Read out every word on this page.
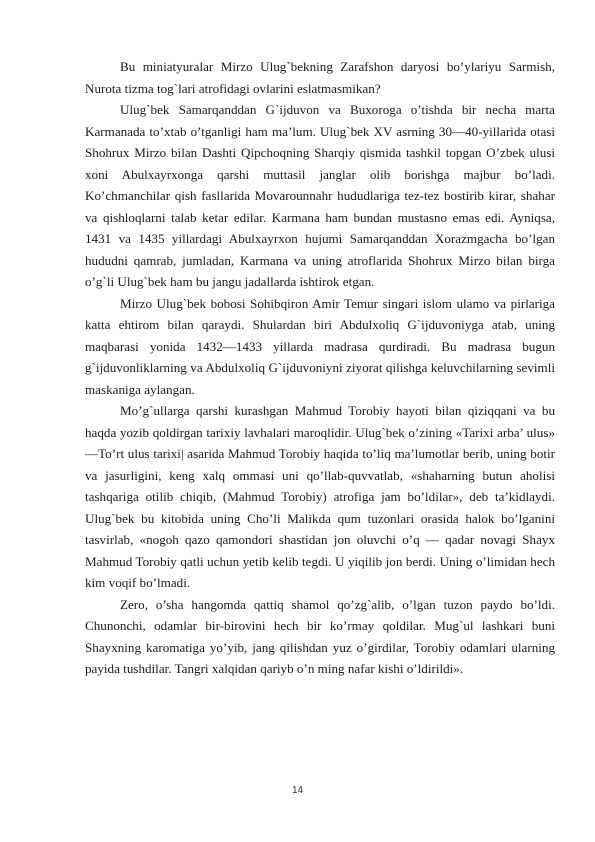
Bu miniatyuralar Mirzo Ulug`bekning Zarafshon daryosi bo’ylariyu Sarmish, Nurota tizma tog`lari atrofidagi ovlarini eslatmasmikan?

Ulug`bek Samarqanddan G`ijduvon va Buxoroga o’tishda bir necha marta Karmanada to’xtab o’tganligi ham ma’lum. Ulug`bek XV asrning 30—40-yillarida otasi Shohrux Mirzo bilan Dashti Qipchoqning Sharqiy qismida tashkil topgan O’zbek ulusi xoni Abulxayrxonga qarshi muttasil janglar olib borishga majbur bo’ladi. Ko’chmanchilar qish fasllarida Movarounnahr hududlariga tez-tez bostirib kirar, shahar va qishloqlarni talab ketar edilar. Karmana ham bundan mustasno emas edi. Ayniqsa, 1431 va 1435 yillardagi Abulxayrxon hujumi Samarqanddan Xorazmgacha bo’lgan hududni qamrab, jumladan, Karmana va uning atroflarida Shohrux Mirzo bilan birga o’g`li Ulug`bek ham bu jangu jadallarda ishtirok etgan.

Mirzo Ulug`bek bobosi Sohibqiron Amir Temur singari islom ulamo va pirlariga katta ehtirom bilan qaraydi. Shulardan biri Abdulxoliq G`ijduvoniyga atab, uning maqbarasi yonida 1432—1433 yillarda madrasa qurdiradi. Bu madrasa bugun g`ijduvonliklarning va Abdulxoliq G`ijduvoniyni ziyorat qilishga keluvchilarning sevimli maskaniga aylangan.

Mo’g`ullarga qarshi kurashgan Mahmud Torobiy hayoti bilan qiziqqani va bu haqda yozib qoldirgan tarixiy lavhalari maroqlidir. Ulug`bek o’zining «Tarixi arba’ ulus» —To’rt ulus tarixi| asarida Mahmud Torobiy haqida to’liq ma’lumotlar berib, uning botir va jasurligini, keng xalq ommasi uni qo’llab-quvvatlab, «shaharning butun aholisi tashqariga otilib chiqib, (Mahmud Torobiy) atrofiga jam bo’ldilar», deb ta’kidlaydi. Ulug`bek bu kitobida uning Cho’li Malikda qum tuzonlari orasida halok bo’lganini tasvirlab, «nogoh qazo qamondori shastidan jon oluvchi o’q — qadar novagi Shayx Mahmud Torobiy qatli uchun yetib kelib tegdi. U yiqilib jon berdi. Uning o’limidan hech kim voqif bo’lmadi.

Zero, o’sha hangomda qattiq shamol qo’zg`alib, o’lgan tuzon paydo bo’ldi. Chunonchi, odamlar bir-birovini hech bir ko’rmay qoldilar. Mug`ul lashkari buni Shayxning karomatiga yo’yib, jang qilishdan yuz o’girdilar, Torobiy odamlari ularning payida tushdilar. Tangri xalqidan qariyb o’n ming nafar kishi o’ldirildi».

14
